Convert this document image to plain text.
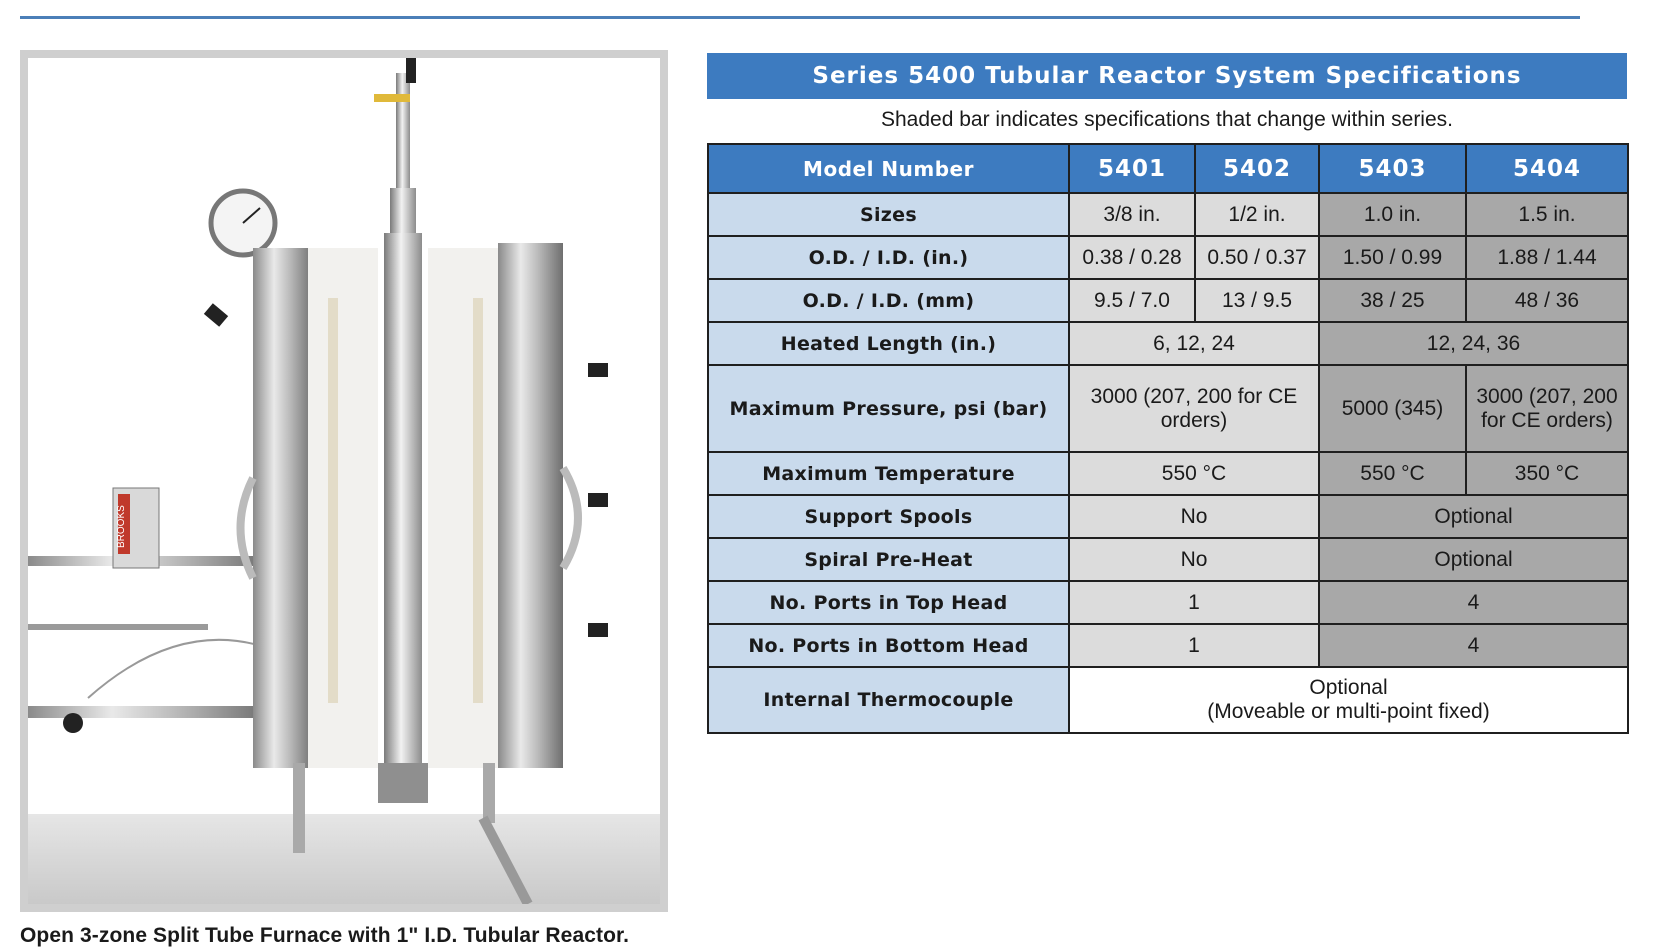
BROOKS
Open 3-zone Split Tube Furnace with 1" I.D. Tubular Reactor.
Series 5400 Tubular Reactor System Specifications
Shaded bar indicates specifications that change within series.
Model Number	5401	5402	5403	5404
Sizes	3/8 in.	1/2 in.	1.0 in.	1.5 in.
O.D. / I.D. (in.)	0.38 / 0.28	0.50 / 0.37	1.50 / 0.99	1.88 / 1.44
O.D. / I.D. (mm)	9.5 / 7.0	13 / 9.5	38 / 25	48 / 36
Heated Length (in.)	6, 12, 24		12, 24, 36	
Maximum Pressure, psi (bar)	3000 (207, 200 for CE orders)		5000 (345)	3000 (207, 200 for CE orders)
Maximum Temperature	550 °C		550 °C	350 °C
Support Spools	No		Optional	
Spiral Pre-Heat	No		Optional	
No. Ports in Top Head	1		4	
No. Ports in Bottom Head	1		4	
Internal Thermocouple	Optional
(Moveable or multi-point fixed)			
